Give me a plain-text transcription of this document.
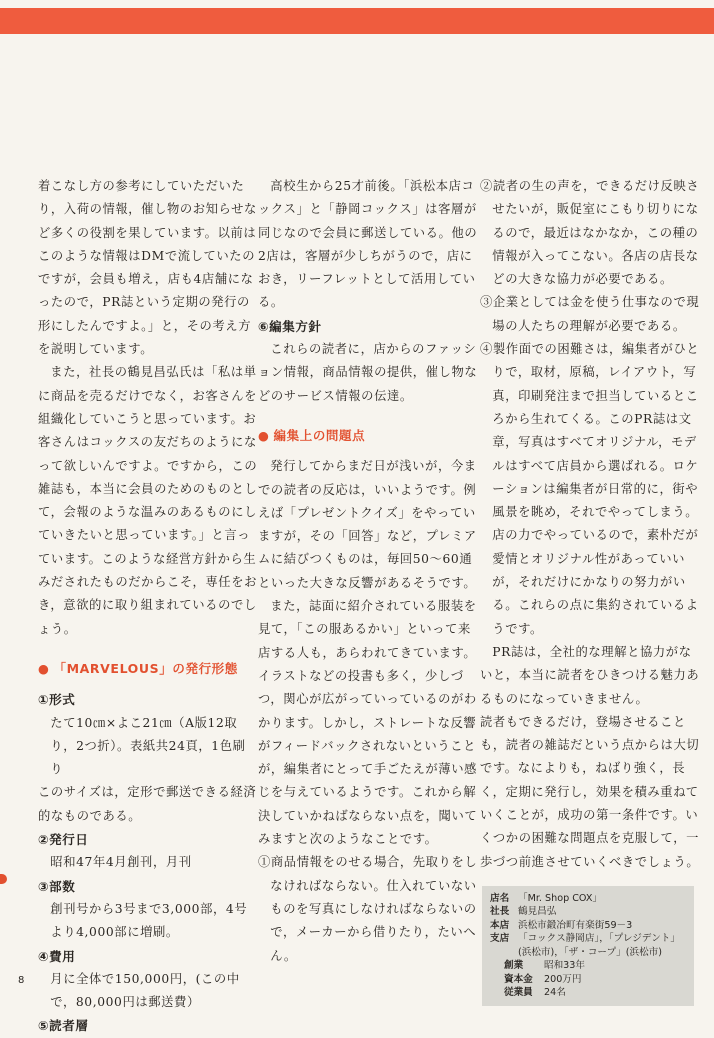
着こなし方の参考にしていただいたり，入荷の情報，催し物のお知らせなど多くの役割を果しています。以前はこのような情報はDMで流していたのですが，会員も増え，店も4店舗になったので，PR誌という定期の発行の形にしたんですよ。」と，その考え方を説明しています。

また，社長の鶴見昌弘氏は「私は単に商品を売るだけでなく，お客さんを組織化していこうと思っています。お客さんはコックスの友だちのようになって欲しいんですよ。ですから，この雑誌も，本当に会員のためのものとして，会報のような温みのあるものにしていきたいと思っています。」と言っています。このような経営方針から生みだされたものだからこそ，専任をおき，意欲的に取り組まれているのでしょう。

● 「MARVELOUS」の発行形態

①形式

たて10㎝×よこ21㎝（A版12取り，2つ折）。表紙共24頁，1色刷り

このサイズは，定形で郵送できる経済的なものである。

②発行日

昭和47年4月創刊，月刊

③部数

創刊号から3号まで3,000部，4号より4,000部に増刷。

④費用

月に全体で150,000円，(この中で，80,000円は郵送費）

⑤読者層

高校生から25才前後。「浜松本店コックス」と「静岡コックス」は客層が同じなので会員に郵送している。他の2店は，客層が少しちがうので，店におき，リーフレットとして活用している。

⑥編集方針

これらの読者に，店からのファッション情報，商品情報の提供，催し物などのサービス情報の伝達。

● 編集上の問題点

発行してからまだ日が浅いが，今までの読者の反応は，いいようです。例えば「プレゼントクイズ」をやっていますが，その「回答」など，プレミアムに結びつくものは，毎回50〜60通といった大きな反響があるそうです。

また，誌面に紹介されている服装を見て，「この服あるかい」といって来店する人も，あらわれてきています。イラストなどの投書も多く，少しづつ，関心が広がっていっているのがわかります。しかし，ストレートな反響がフィードバックされないということが，編集者にとって手ごたえが薄い感じを与えているようです。これから解決していかねばならない点を，聞いてみますと次のようなことです。

①商品情報をのせる場合，先取りをしなければならない。仕入れていないものを写真にしなければならないので，メーカーから借りたり，たいへん。

②読者の生の声を，できるだけ反映させたいが，販促室にこもり切りになるので，最近はなかなか，この種の情報が入ってこない。各店の店長などの大きな協力が必要である。

③企業としては金を使う仕事なので現場の人たちの理解が必要である。

④製作面での困難さは，編集者がひとりで，取材，原稿，レイアウト，写真，印刷発注まで担当しているところから生れてくる。このPR誌は文章，写真はすべてオリジナル，モデルはすべて店員から選ばれる。ロケーションは編集者が日常的に，街や風景を眺め，それでやってしまう。店の力でやっているので，素朴だが愛情とオリジナル性があっていいが，それだけにかなりの努力がいる。これらの点に集約されているようです。

PR誌は，全社的な理解と協力がないと，本当に読者をひきつける魅力あるものになっていきません。

読者もできるだけ，登場させることも，読者の雑誌だという点からは大切です。なによりも，ねばり強く，長く，定期に発行し，効果を積み重ねていくことが，成功の第一条件です。いくつかの困難な問題点を克服して，一歩づつ前進させていくべきでしょう。

店名 「Mr. Shop COX」
社長 鶴見昌弘
本店 浜松市鍛冶町有楽街59－3
支店 「コックス静岡店」，「プレジデント」(浜松市)，「ザ・コープ」(浜松市)
創業	昭和33年
資本金	200万円
従業員	24名
8
